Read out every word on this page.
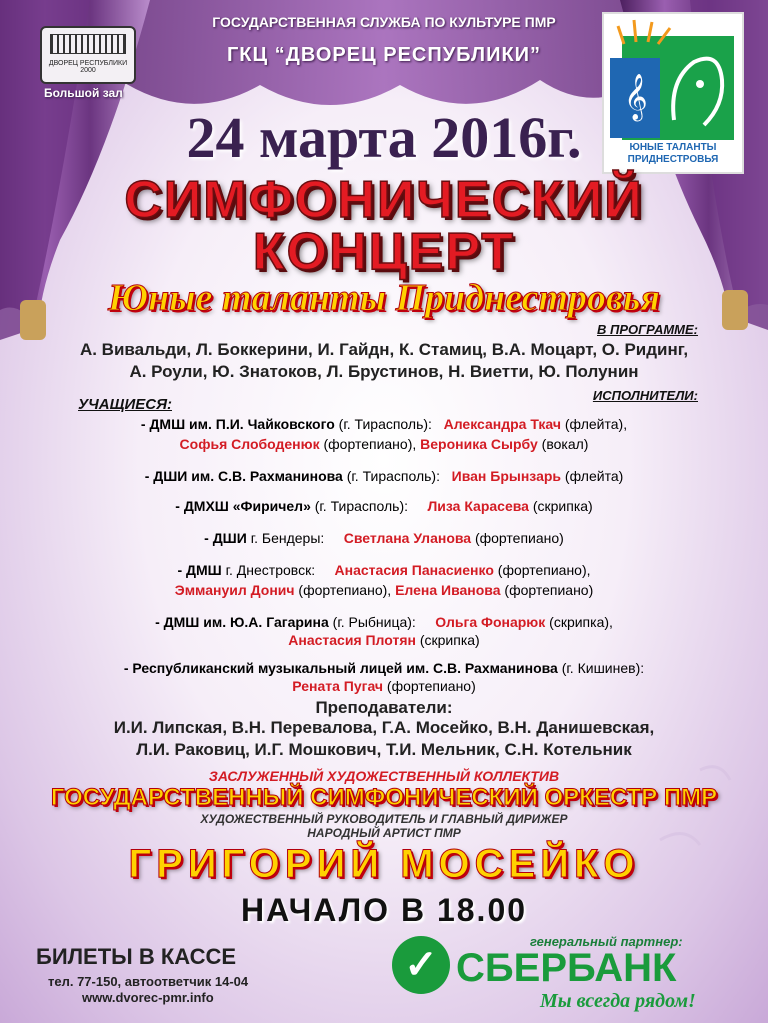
ГОСУДАРСТВЕННАЯ СЛУЖБА ПО КУЛЬТУРЕ ПМР
ГКЦ “ДВОРЕЦ РЕСПУБЛИКИ”
ДВОРЕЦ РЕСПУБЛИКИ
2000
Большой зал	𝄞
ЮНЫЕ ТАЛАНТЫ
ПРИДНЕСТРОВЬЯ
24 марта 2016г.
СИМФОНИЧЕСКИЙ
КОНЦЕРТ
Юные таланты Приднестровья
В ПРОГРАММЕ:
А. Вивальди, Л. Боккерини, И. Гайдн, К. Стамиц, В.А. Моцарт, О. Ридинг,
А. Роули, Ю. Знатоков, Л. Брустинов, Н. Виетти, Ю. Полунин
ИСПОЛНИТЕЛИ:
УЧАЩИЕСЯ:
- ДМШ им. П.И. Чайковского (г. Тирасполь): Александра Ткач (флейта),
Софья Слободенюк (фортепиано), Вероника Сырбу (вокал)
- ДШИ им. С.В. Рахманинова (г. Тирасполь): Иван Брынзарь (флейта)
- ДМХШ «Фиричел» (г. Тирасполь): Лиза Карасева (скрипка)
- ДШИ г. Бендеры: Светлана Уланова (фортепиано)
- ДМШ г. Днестровск: Анастасия Панасиенко (фортепиано),
Эммануил Донич (фортепиано), Елена Иванова (фортепиано)
- ДМШ им. Ю.А. Гагарина (г. Рыбница): Ольга Фонарюк (скрипка),
Анастасия Плотян (скрипка)
- Республиканский музыкальный лицей им. С.В. Рахманинова (г. Кишинев):
Рената Пугач (фортепиано)
Преподаватели:
И.И. Липская, В.Н. Перевалова, Г.А. Мосейко, В.Н. Данишевская,
Л.И. Раковиц, И.Г. Мошкович, Т.И. Мельник, С.Н. Котельник
ЗАСЛУЖЕННЫЙ ХУДОЖЕСТВЕННЫЙ КОЛЛЕКТИВ
ГОСУДАРСТВЕННЫЙ СИМФОНИЧЕСКИЙ ОРКЕСТР ПМР
ХУДОЖЕСТВЕННЫЙ РУКОВОДИТЕЛЬ И ГЛАВНЫЙ ДИРИЖЕР
НАРОДНЫЙ АРТИСТ ПМР
ГРИГОРИЙ МОСЕЙКО
НАЧАЛО В 18.00
БИЛЕТЫ В КАССЕ
тел. 77-150, автоответчик 14-04
www.dvorec-pmr.info
генеральный партнер:
✓ СБЕРБАНК
Мы всегда рядом!
